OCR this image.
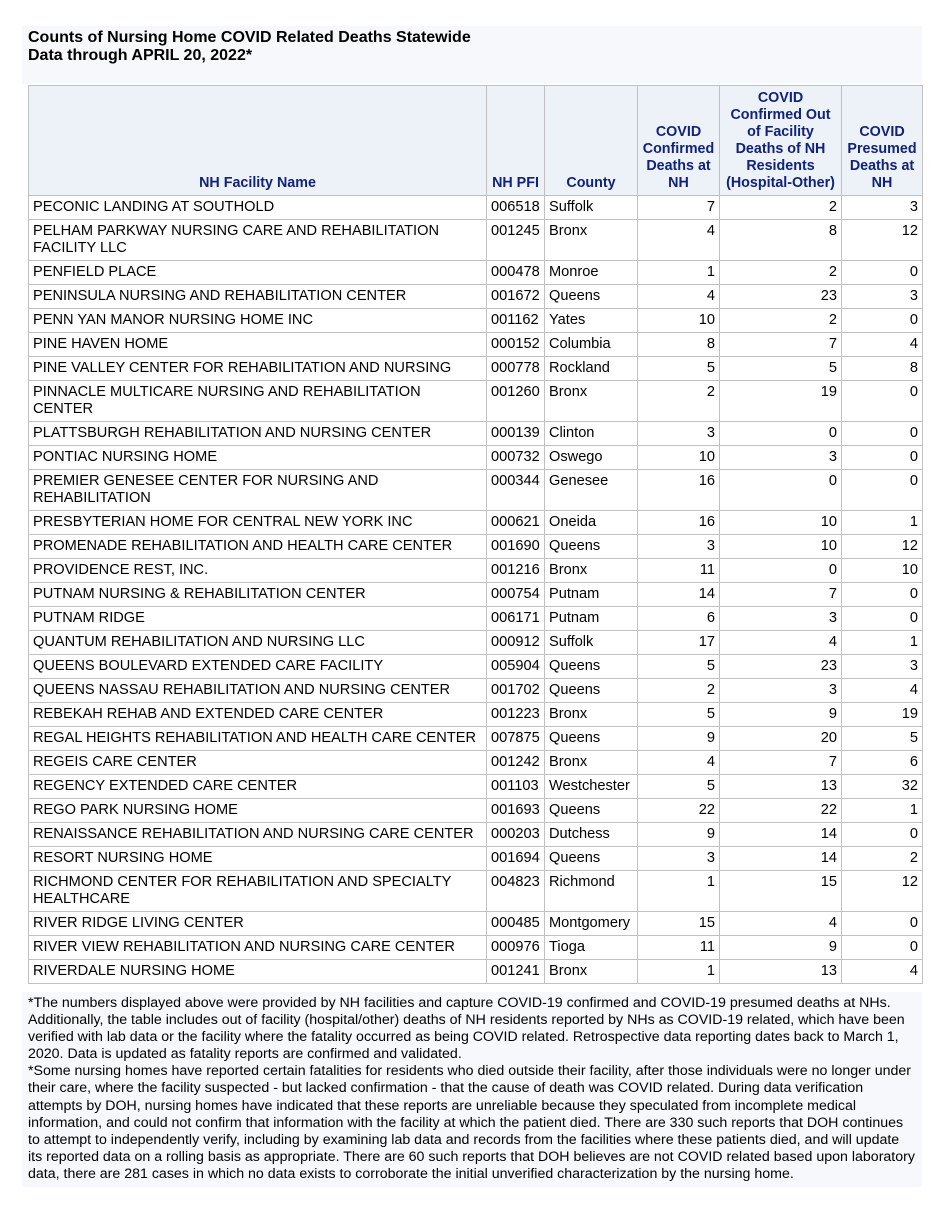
Counts of Nursing Home COVID Related Deaths Statewide

Data through APRIL 20, 2022*

NH Facility Name	NH PFI	County	COVID Confirmed Deaths at NH	COVID Confirmed Out of Facility Deaths of NH Residents (Hospital-Other)	COVID Presumed Deaths at NH
PECONIC LANDING AT SOUTHOLD	006518	Suffolk	7	2	3
PELHAM PARKWAY NURSING CARE AND REHABILITATION FACILITY LLC	001245	Bronx	4	8	12
PENFIELD PLACE	000478	Monroe	1	2	0
PENINSULA NURSING AND REHABILITATION CENTER	001672	Queens	4	23	3
PENN YAN MANOR NURSING HOME INC	001162	Yates	10	2	0
PINE HAVEN HOME	000152	Columbia	8	7	4
PINE VALLEY CENTER FOR REHABILITATION AND NURSING	000778	Rockland	5	5	8
PINNACLE MULTICARE NURSING AND REHABILITATION CENTER	001260	Bronx	2	19	0
PLATTSBURGH REHABILITATION AND NURSING CENTER	000139	Clinton	3	0	0
PONTIAC NURSING HOME	000732	Oswego	10	3	0
PREMIER GENESEE CENTER FOR NURSING AND REHABILITATION	000344	Genesee	16	0	0
PRESBYTERIAN HOME FOR CENTRAL NEW YORK INC	000621	Oneida	16	10	1
PROMENADE REHABILITATION AND HEALTH CARE CENTER	001690	Queens	3	10	12
PROVIDENCE REST, INC.	001216	Bronx	11	0	10
PUTNAM NURSING & REHABILITATION CENTER	000754	Putnam	14	7	0
PUTNAM RIDGE	006171	Putnam	6	3	0
QUANTUM REHABILITATION AND NURSING LLC	000912	Suffolk	17	4	1
QUEENS BOULEVARD EXTENDED CARE FACILITY	005904	Queens	5	23	3
QUEENS NASSAU REHABILITATION AND NURSING CENTER	001702	Queens	2	3	4
REBEKAH REHAB AND EXTENDED CARE CENTER	001223	Bronx	5	9	19
REGAL HEIGHTS REHABILITATION AND HEALTH CARE CENTER	007875	Queens	9	20	5
REGEIS CARE CENTER	001242	Bronx	4	7	6
REGENCY EXTENDED CARE CENTER	001103	Westchester	5	13	32
REGO PARK NURSING HOME	001693	Queens	22	22	1
RENAISSANCE REHABILITATION AND NURSING CARE CENTER	000203	Dutchess	9	14	0
RESORT NURSING HOME	001694	Queens	3	14	2
RICHMOND CENTER FOR REHABILITATION AND SPECIALTY HEALTHCARE	004823	Richmond	1	15	12
RIVER RIDGE LIVING CENTER	000485	Montgomery	15	4	0
RIVER VIEW REHABILITATION AND NURSING CARE CENTER	000976	Tioga	11	9	0
RIVERDALE NURSING HOME	001241	Bronx	1	13	4

*The numbers displayed above were provided by NH facilities and capture COVID-19 confirmed and COVID-19 presumed deaths at NHs. Additionally, the table includes out of facility (hospital/other) deaths of NH residents reported by NHs as COVID-19 related, which have been verified with lab data or the facility where the fatality occurred as being COVID related. Retrospective data reporting dates back to March 1, 2020. Data is updated as fatality reports are confirmed and validated.

*Some nursing homes have reported certain fatalities for residents who died outside their facility, after those individuals were no longer under their care, where the facility suspected - but lacked confirmation - that the cause of death was COVID related. During data verification attempts by DOH, nursing homes have indicated that these reports are unreliable because they speculated from incomplete medical information, and could not confirm that information with the facility at which the patient died. There are 330 such reports that DOH continues to attempt to independently verify, including by examining lab data and records from the facilities where these patients died, and will update its reported data on a rolling basis as appropriate. There are 60 such reports that DOH believes are not COVID related based upon laboratory data, there are 281 cases in which no data exists to corroborate the initial unverified characterization by the nursing home.
